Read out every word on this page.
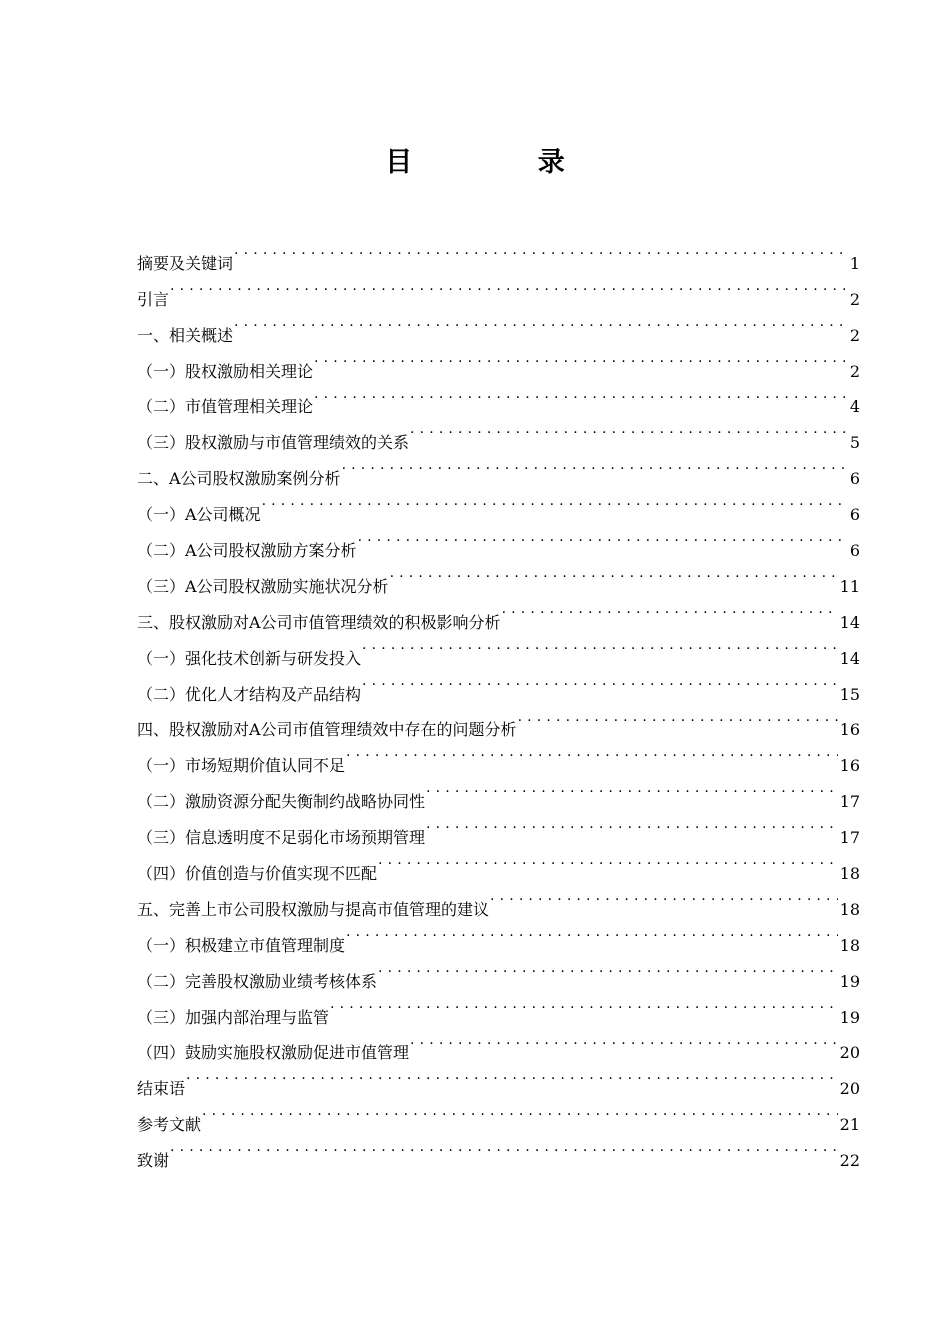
目 录
摘要及关键词 . . .	1
引言 . . .	2
一、相关概述 . . .	2
（一）股权激励相关理论 . . .	2
（二）市值管理相关理论 . . .	4
（三）股权激励与市值管理绩效的关系 . . .	5
二、A公司股权激励案例分析 . . .	6
（一）A公司概况 . . .	6
（二）A公司股权激励方案分析 . . .	6
（三）A公司股权激励实施状况分析 . . .	11
三、股权激励对A公司市值管理绩效的积极影响分析 . . .	14
（一）强化技术创新与研发投入 . . .	14
（二）优化人才结构及产品结构 . . .	15
四、股权激励对A公司市值管理绩效中存在的问题分析 . . .	16
（一）市场短期价值认同不足 . . .	16
（二）激励资源分配失衡制约战略协同性 . . .	17
（三）信息透明度不足弱化市场预期管理 . . .	17
（四）价值创造与价值实现不匹配 . . .	18
五、完善上市公司股权激励与提高市值管理的建议 . . .	18
（一）积极建立市值管理制度 . . .	18
（二）完善股权激励业绩考核体系 . . .	19
（三）加强内部治理与监管 . . .	19
（四）鼓励实施股权激励促进市值管理 . . .	20
结束语 . . .	20
参考文献 . . .	21
致谢 . . .	22
